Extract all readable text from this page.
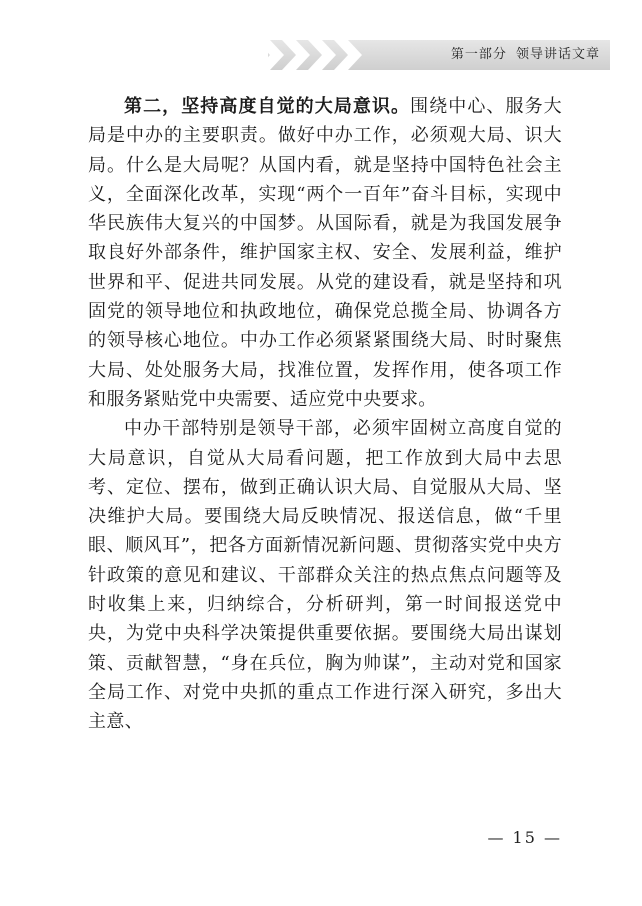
第一部分 领导讲话文章

第二，坚持高度自觉的大局意识。围绕中心、服务大局是中办的主要职责。做好中办工作，必须观大局、识大局。什么是大局呢？从国内看，就是坚持中国特色社会主义，全面深化改革，实现“两个一百年”奋斗目标，实现中华民族伟大复兴的中国梦。从国际看，就是为我国发展争取良好外部条件，维护国家主权、安全、发展利益，维护世界和平、促进共同发展。从党的建设看，就是坚持和巩固党的领导地位和执政地位，确保党总揽全局、协调各方的领导核心地位。中办工作必须紧紧围绕大局、时时聚焦大局、处处服务大局，找准位置，发挥作用，使各项工作和服务紧贴党中央需要、适应党中央要求。

中办干部特别是领导干部，必须牢固树立高度自觉的大局意识，自觉从大局看问题，把工作放到大局中去思考、定位、摆布，做到正确认识大局、自觉服从大局、坚决维护大局。要围绕大局反映情况、报送信息，做“千里眼、顺风耳”，把各方面新情况新问题、贯彻落实党中央方针政策的意见和建议、干部群众关注的热点焦点问题等及时收集上来，归纳综合，分析研判，第一时间报送党中央，为党中央科学决策提供重要依据。要围绕大局出谋划策、贡献智慧，“身在兵位，胸为帅谋”，主动对党和国家全局工作、对党中央抓的重点工作进行深入研究，多出大主意、

— 15 —
